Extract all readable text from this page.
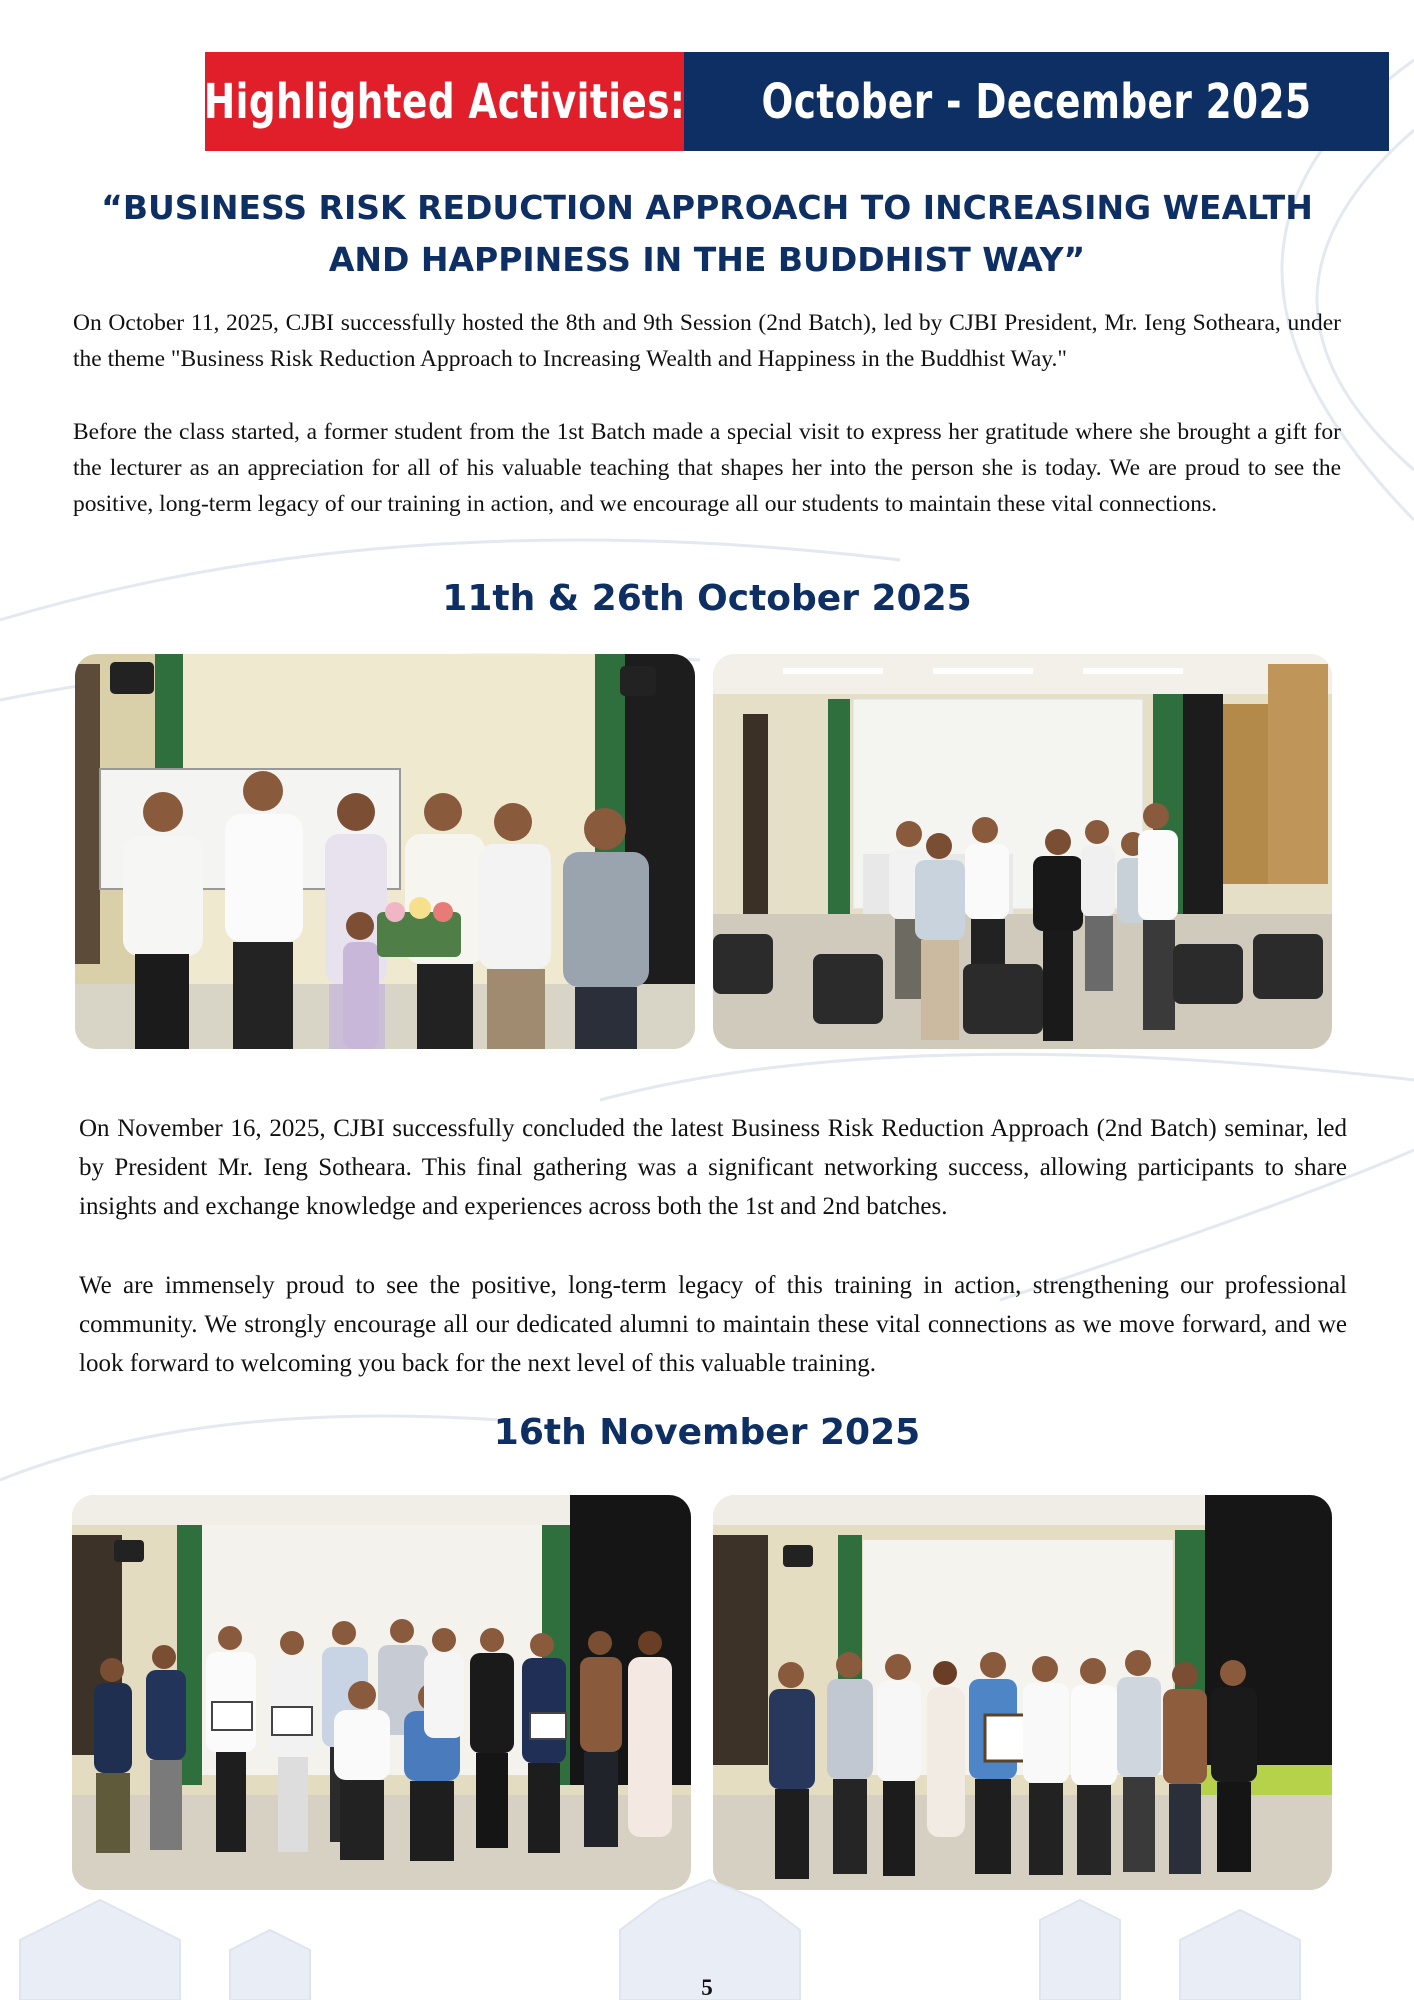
Highlighted Activities: October - December 2025
“BUSINESS RISK REDUCTION APPROACH TO INCREASING WEALTH AND HAPPINESS IN THE BUDDHIST WAY”
On October 11, 2025, CJBI successfully hosted the 8th and 9th Session (2nd Batch), led by CJBI President, Mr. Ieng Sotheara, under the theme "Business Risk Reduction Approach to Increasing Wealth and Happiness in the Buddhist Way."
Before the class started, a former student from the 1st Batch made a special visit to express her gratitude where she brought a gift for the lecturer as an appreciation for all of his valuable teaching that shapes her into the person she is today. We are proud to see the positive, long-term legacy of our training in action, and we encourage all our students to maintain these vital connections.
11th & 26th October 2025
On November 16, 2025, CJBI successfully concluded the latest Business Risk Reduction Approach (2nd Batch) seminar, led by President Mr. Ieng Sotheara. This final gathering was a significant networking success, allowing participants to share insights and exchange knowledge and experiences across both the 1st and 2nd batches.
We are immensely proud to see the positive, long-term legacy of this training in action, strengthening our professional community. We strongly encourage all our dedicated alumni to maintain these vital connections as we move forward, and we look forward to welcoming you back for the next level of this valuable training.
16th November 2025
5
